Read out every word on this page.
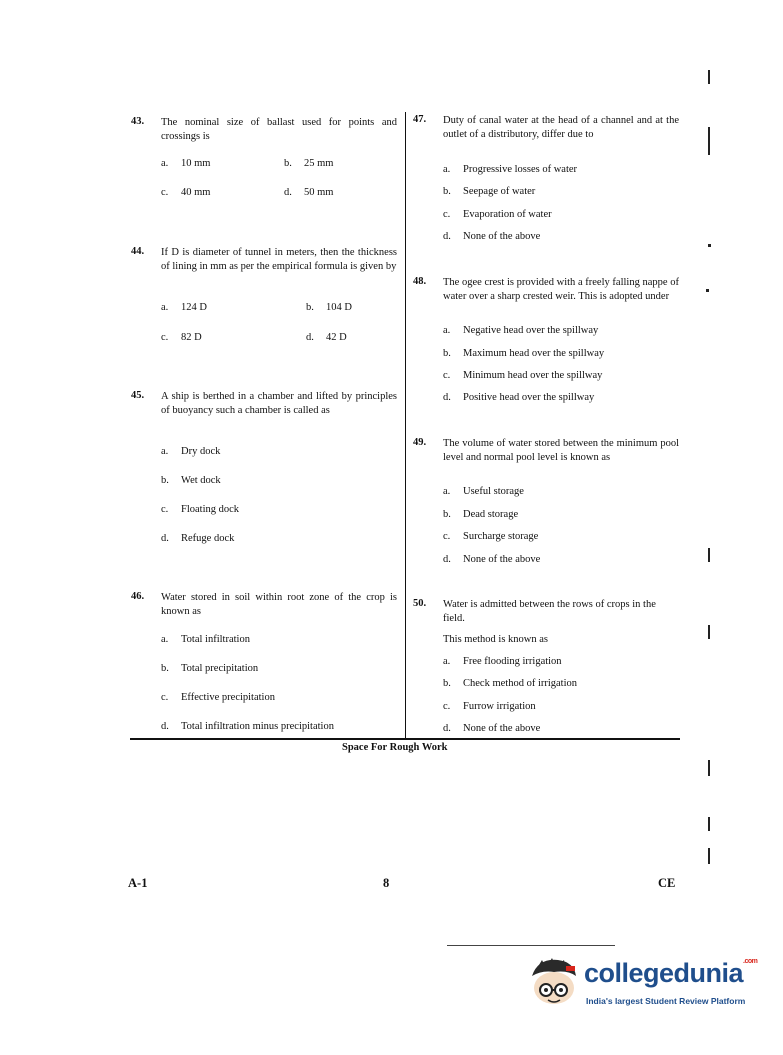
43. The nominal size of ballast used for points and crossings is
a. 10 mm	b. 25 mm
c. 40 mm	d. 50 mm
44. If D is diameter of tunnel in meters, then the thickness of lining in mm as per the empirical formula is given by
a. 124 D	b. 104 D
c. 82 D	d. 42 D
45. A ship is berthed in a chamber and lifted by principles of buoyancy such a chamber is called as
a. Dry dock
b. Wet dock
c. Floating dock
d. Refuge dock
46. Water stored in soil within root zone of the crop is known as
a. Total infiltration
b. Total precipitation
c. Effective precipitation
d. Total infiltration minus precipitation
47. Duty of canal water at the head of a channel and at the outlet of a distributory, differ due to
a. Progressive losses of water
b. Seepage of water
c. Evaporation of water
d. None of the above
48. The ogee crest is provided with a freely falling nappe of water over a sharp crested weir. This is adopted under
a. Negative head over the spillway
b. Maximum head over the spillway
c. Minimum head over the spillway
d. Positive head over the spillway
49. The volume of water stored between the minimum pool level and normal pool level is known as
a. Useful storage
b. Dead storage
c. Surcharge storage
d. None of the above
50. Water is admitted between the rows of crops in the field.
This method is known as
a. Free flooding irrigation
b. Check method of irrigation
c. Furrow irrigation
d. None of the above
Space For Rough Work
A-1	8	CE
collegedunia$^{.com}$
India's largest Student Review Platform
